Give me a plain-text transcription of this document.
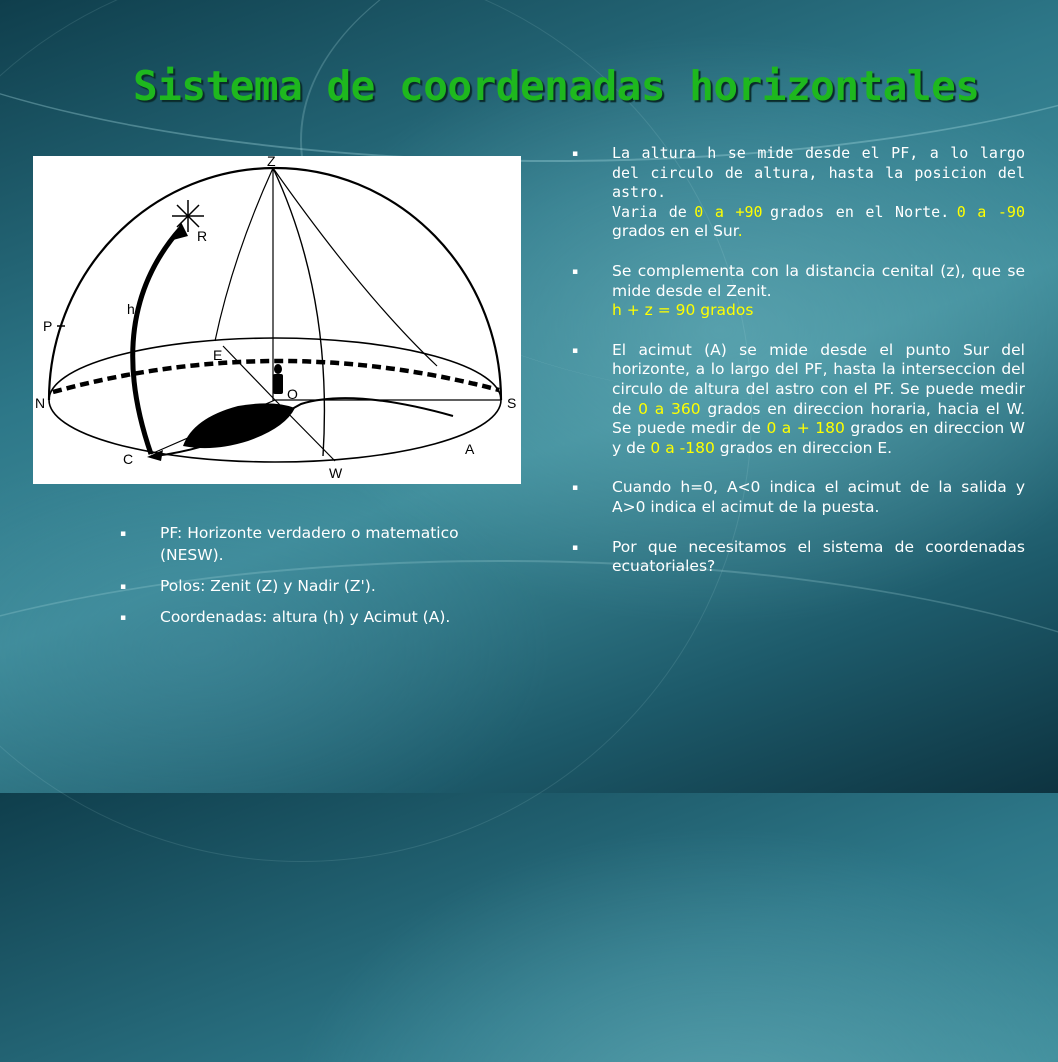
Sistema de coordenadas horizontales
Z
R
h
P
E
O
N	S
C
W
A
▪ PF: Horizonte verdadero o matematico (NESW).
▪ Polos: Zenit (Z) y Nadir (Z').
▪ Coordenadas: altura (h) y Acimut (A).
▪ La altura h se mide desde el PF, a lo largo del circulo de altura, hasta la posicion del astro.
Varia de 0 a +90 grados en el Norte. 0 a -90 grados en el Sur.
▪ Se complementa con la distancia cenital (z), que se mide desde el Zenit.
h + z = 90 grados
▪ El acimut (A) se mide desde el punto Sur del horizonte, a lo largo del PF, hasta la interseccion del circulo de altura del astro con el PF. Se puede medir de 0 a 360 grados en direccion horaria, hacia el W. Se puede medir de 0 a + 180 grados en direccion W y de 0 a -180 grados en direccion E.
▪ Cuando h=0, A<0 indica el acimut de la salida y A>0 indica el acimut de la puesta.
▪ Por que necesitamos el sistema de coordenadas ecuatoriales?
